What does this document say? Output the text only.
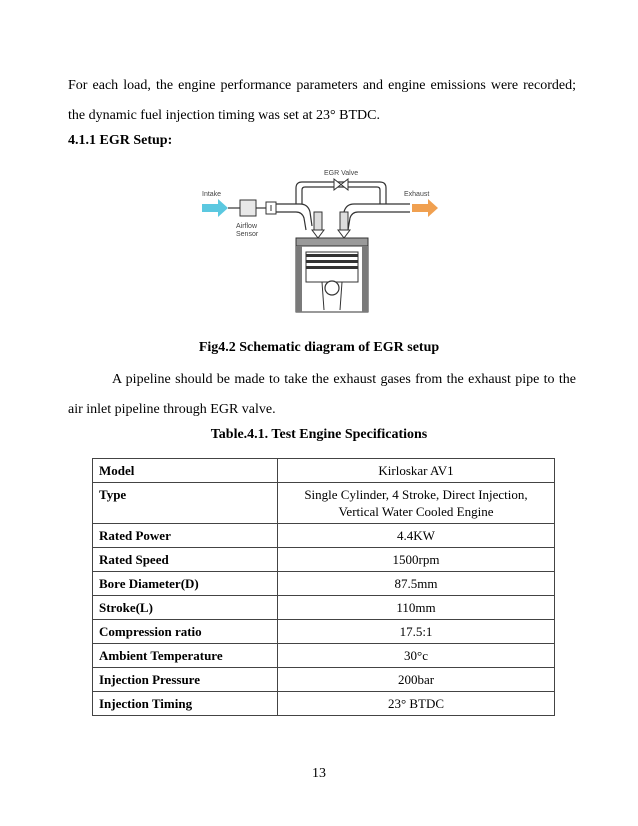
For each load, the engine performance parameters and engine emissions were recorded; the dynamic fuel injection timing was set at 23° BTDC.

4.1.1 EGR Setup:

Intake
Airflow
Sensor
EGR Valve
Exhaust

Fig4.2 Schematic diagram of EGR setup

A pipeline should be made to take the exhaust gases from the exhaust pipe to the air inlet pipeline through EGR valve.

Table.4.1. Test Engine Specifications

Model	Kirloskar AV1
Type	Single Cylinder, 4 Stroke, Direct Injection, Vertical Water Cooled Engine
Rated Power	4.4KW
Rated Speed	1500rpm
Bore Diameter(D)	87.5mm
Stroke(L)	110mm
Compression ratio	17.5:1
Ambient Temperature	30°c
Injection Pressure	200bar
Injection Timing	23° BTDC

13
